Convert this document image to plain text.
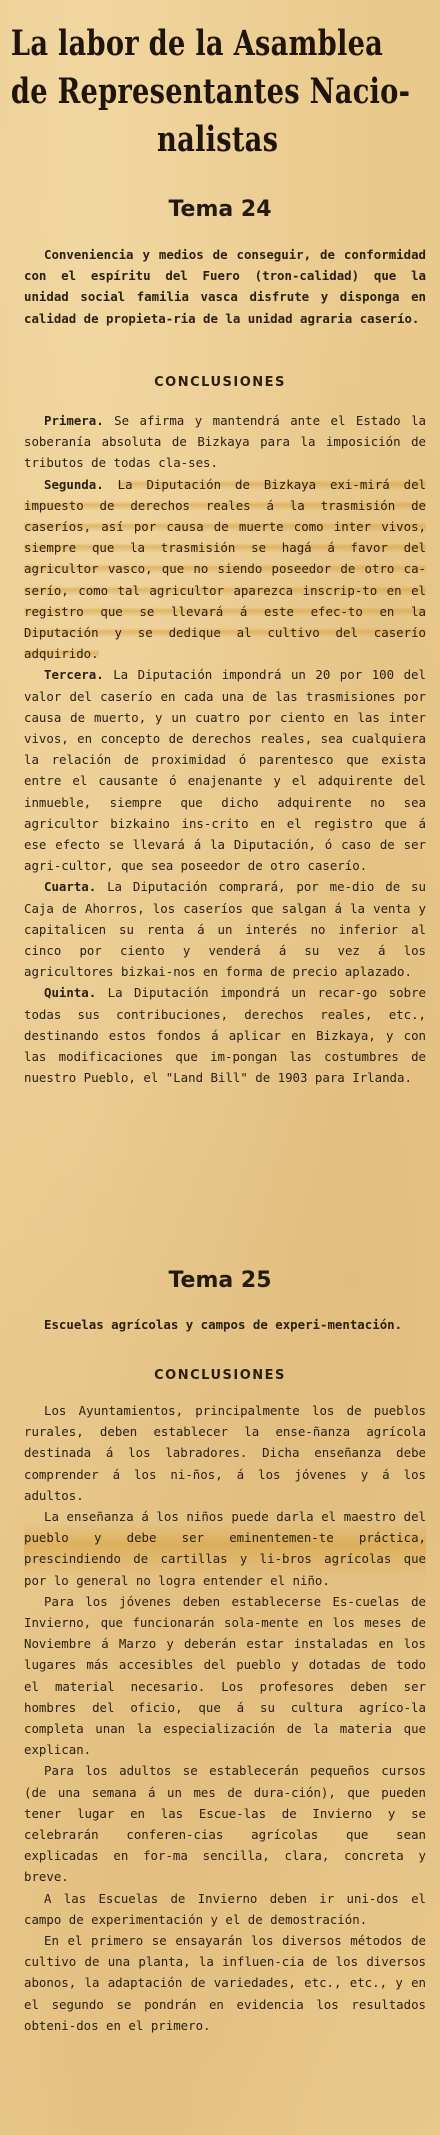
La labor de la Asamblea
de Representantes Nacio-

nalistas
Tema 24

Conveniencia y medios de conseguir, de conformidad con el espíritu del Fuero (tron-calidad) que la unidad social familia vasca disfrute y disponga en calidad de propieta-ria de la unidad agraria caserío.

CONCLUSIONES

Primera. Se afirma y mantendrá ante el Estado la soberanía absoluta de Bizkaya para la imposición de tributos de todas cla-ses.

Segunda. La Diputación de Bizkaya exi-mirá del impuesto de derechos reales á la trasmisión de caseríos, así por causa de muerte como inter vivos, siempre que la trasmisión se hagá á favor del agricultor vasco, que no siendo poseedor de otro ca-serío, como tal agricultor aparezca inscrip-to en el registro que se llevará á este efec-to en la Diputación y se dedique al cultivo del caserío adquirido.

Tercera. La Diputación impondrá un 20 por 100 del valor del caserío en cada una de las trasmisiones por causa de muerto, y un cuatro por ciento en las inter vivos, en concepto de derechos reales, sea cualquiera la relación de proximidad ó parentesco que exista entre el causante ó enajenante y el adquirente del inmueble, siempre que dicho adquirente no sea agricultor bizkaino ins-crito en el registro que á ese efecto se llevará á la Diputación, ó caso de ser agri-cultor, que sea poseedor de otro caserío.

Cuarta. La Diputación comprará, por me-dio de su Caja de Ahorros, los caseríos que salgan á la venta y capitalicen su renta á un interés no inferior al cinco por ciento y venderá á su vez á los agricultores bizkai-nos en forma de precio aplazado.

Quinta. La Diputación impondrá un recar-go sobre todas sus contribuciones, derechos reales, etc., destinando estos fondos á aplicar en Bizkaya, y con las modificaciones que im-pongan las costumbres de nuestro Pueblo, el "Land Bill" de 1903 para Irlanda.

Tema 25

Escuelas agrícolas y campos de experi-mentación.

CONCLUSIONES

Los Ayuntamientos, principalmente los de pueblos rurales, deben establecer la ense-ñanza agrícola destinada á los labradores. Dicha enseñanza debe comprender á los ni-ños, á los jóvenes y á los adultos.

La enseñanza á los niños puede darla el maestro del pueblo y debe ser eminentemen-te práctica, prescindiendo de cartillas y li-bros agrícolas que por lo general no logra entender el niño.

Para los jóvenes deben establecerse Es-cuelas de Invierno, que funcionarán sola-mente en los meses de Noviembre á Marzo y deberán estar instaladas en los lugares más accesibles del pueblo y dotadas de todo el material necesario. Los profesores deben ser hombres del oficio, que á su cultura agríco-la completa unan la especialización de la materia que explican.

Para los adultos se establecerán pequeños cursos (de una semana á un mes de dura-ción), que pueden tener lugar en las Escue-las de Invierno y se celebrarán conferen-cias agrícolas que sean explicadas en for-ma sencilla, clara, concreta y breve.

A las Escuelas de Invierno deben ir uni-dos el campo de experimentación y el de demostración.

En el primero se ensayarán los diversos métodos de cultivo de una planta, la influen-cia de los diversos abonos, la adaptación de variedades, etc., etc., y en el segundo se pondrán en evidencia los resultados obteni-dos en el primero.
